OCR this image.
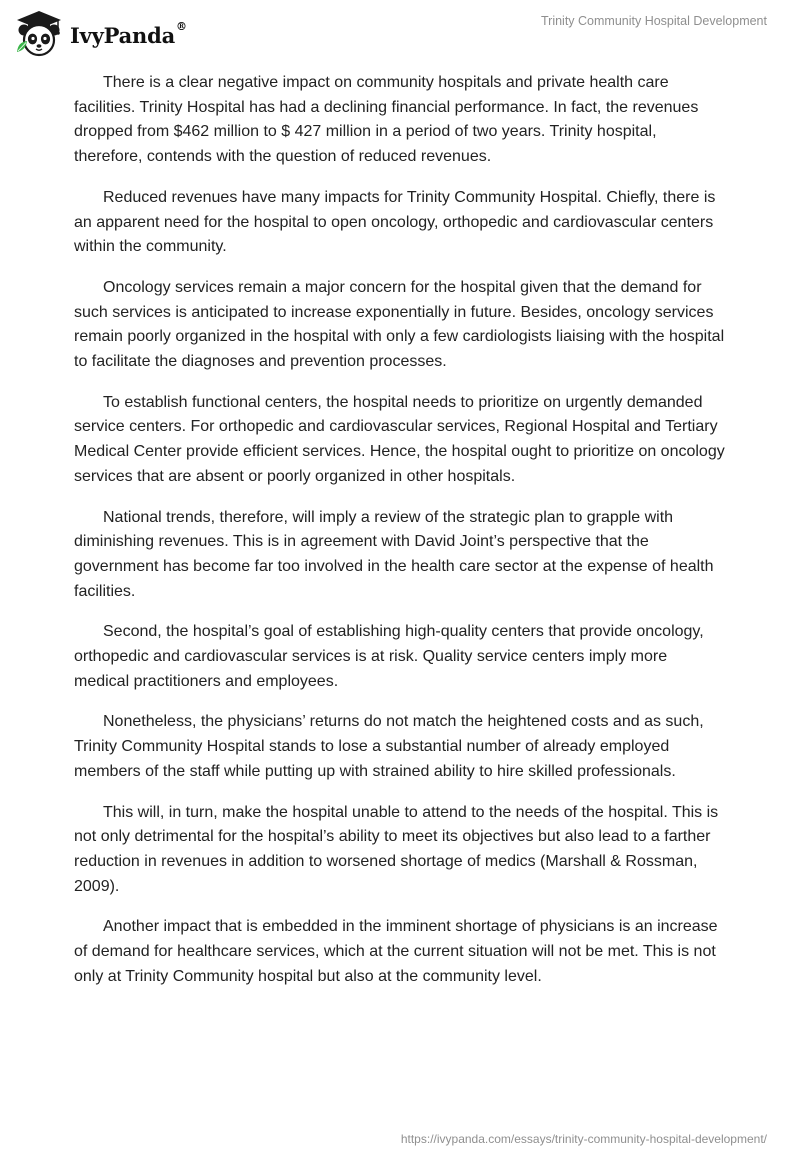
IvyPanda®	Trinity Community Hospital Development

There is a clear negative impact on community hospitals and private health care facilities. Trinity Hospital has had a declining financial performance. In fact, the revenues dropped from $462 million to $ 427 million in a period of two years. Trinity hospital, therefore, contends with the question of reduced revenues.

Reduced revenues have many impacts for Trinity Community Hospital. Chiefly, there is an apparent need for the hospital to open oncology, orthopedic and cardiovascular centers within the community.

Oncology services remain a major concern for the hospital given that the demand for such services is anticipated to increase exponentially in future. Besides, oncology services remain poorly organized in the hospital with only a few cardiologists liaising with the hospital to facilitate the diagnoses and prevention processes.

To establish functional centers, the hospital needs to prioritize on urgently demanded service centers. For orthopedic and cardiovascular services, Regional Hospital and Tertiary Medical Center provide efficient services. Hence, the hospital ought to prioritize on oncology services that are absent or poorly organized in other hospitals.

National trends, therefore, will imply a review of the strategic plan to grapple with diminishing revenues. This is in agreement with David Joint’s perspective that the government has become far too involved in the health care sector at the expense of health facilities.

Second, the hospital’s goal of establishing high-quality centers that provide oncology, orthopedic and cardiovascular services is at risk. Quality service centers imply more medical practitioners and employees.

Nonetheless, the physicians’ returns do not match the heightened costs and as such, Trinity Community Hospital stands to lose a substantial number of already employed members of the staff while putting up with strained ability to hire skilled professionals.

This will, in turn, make the hospital unable to attend to the needs of the hospital. This is not only detrimental for the hospital’s ability to meet its objectives but also lead to a farther reduction in revenues in addition to worsened shortage of medics (Marshall & Rossman, 2009).

Another impact that is embedded in the imminent shortage of physicians is an increase of demand for healthcare services, which at the current situation will not be met. This is not only at Trinity Community hospital but also at the community level.

https://ivypanda.com/essays/trinity-community-hospital-development/
